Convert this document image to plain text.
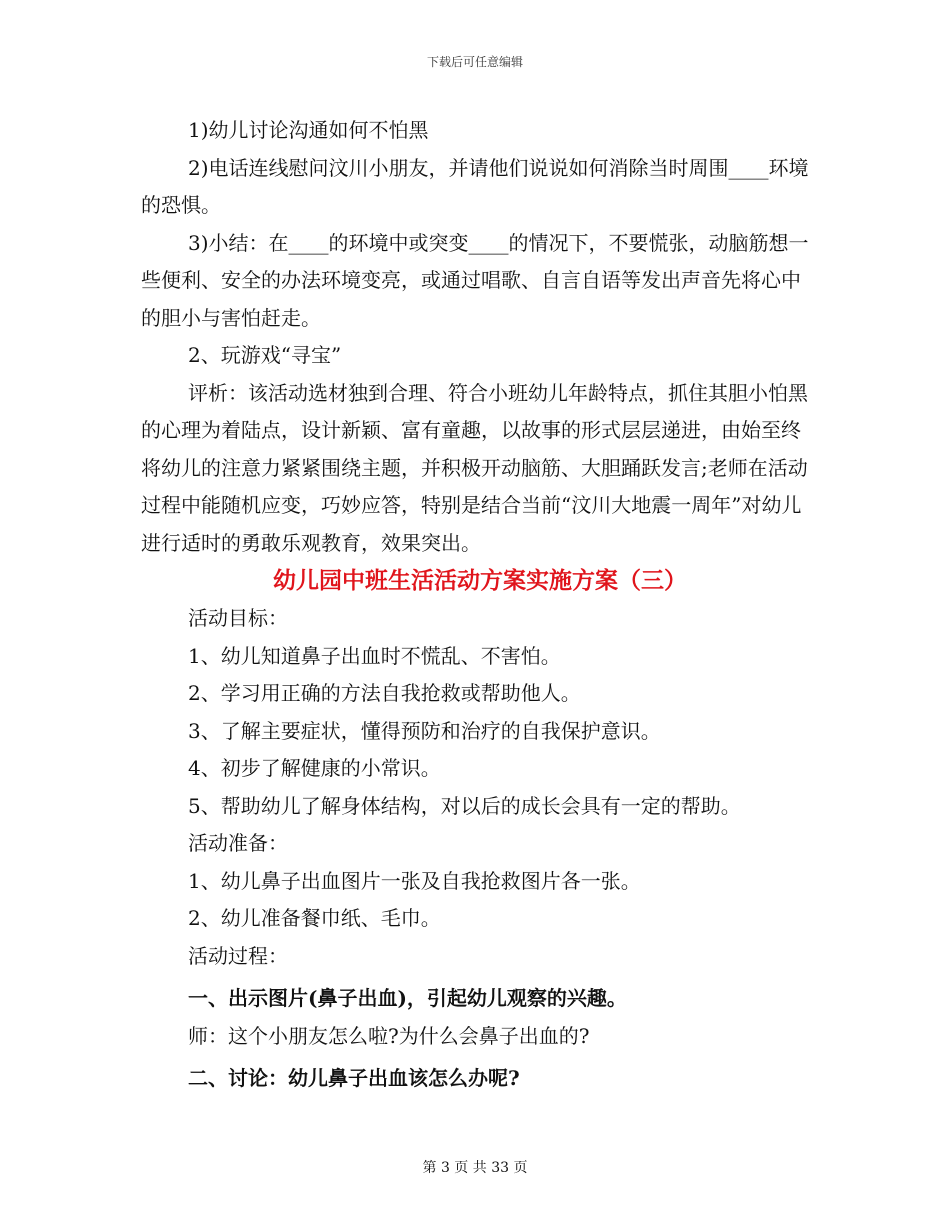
下载后可任意编辑

1)幼儿讨论沟通如何不怕黑

2)电话连线慰问汶川小朋友，并请他们说说如何消除当时周围____环境的恐惧。

3)小结：在____的环境中或突变____的情况下，不要慌张，动脑筋想一些便利、安全的办法环境变亮，或通过唱歌、自言自语等发出声音先将心中的胆小与害怕赶走。

2、玩游戏“寻宝”

评析：该活动选材独到合理、符合小班幼儿年龄特点，抓住其胆小怕黑的心理为着陆点，设计新颖、富有童趣，以故事的形式层层递进，由始至终将幼儿的注意力紧紧围绕主题，并积极开动脑筋、大胆踊跃发言;老师在活动过程中能随机应变，巧妙应答，特别是结合当前“汶川大地震一周年”对幼儿进行适时的勇敢乐观教育，效果突出。

幼儿园中班生活活动方案实施方案（三）

活动目标：

1、幼儿知道鼻子出血时不慌乱、不害怕。

2、学习用正确的方法自我抢救或帮助他人。

3、了解主要症状，懂得预防和治疗的自我保护意识。

4、初步了解健康的小常识。

5、帮助幼儿了解身体结构，对以后的成长会具有一定的帮助。

活动准备：

1、幼儿鼻子出血图片一张及自我抢救图片各一张。

2、幼儿准备餐巾纸、毛巾。

活动过程：

一、出示图片(鼻子出血)，引起幼儿观察的兴趣。

师：这个小朋友怎么啦?为什么会鼻子出血的?

二、讨论：幼儿鼻子出血该怎么办呢?

第 3 页 共 33 页
